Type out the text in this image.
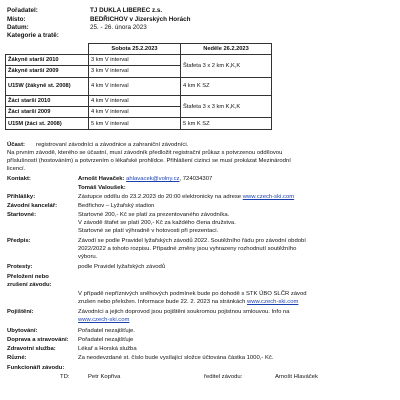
Pořadatel:	TJ DUKLA LIBEREC z.s.
Místo:	BEDŘICHOV v Jizerských Horách
Datum:	25. - 26. února 2023
Kategorie a tratě:
	Sobota 25.2.2023	Neděle 26.2.2023
Žákyně starší 2010	3 km V interval	Štafeta 3 x 2 km K,K,K
Žákyně starší 2009	3 km V interval	
U15W (žákyně st. 2008)	4 km V interval	4 km K SZ
Žáci starší 2010	4 km V interval	Štafeta 3 x 3 km K,K,K
Žáci starší 2009	4 km V interval	
U15M (žáci st. 2008)	5 km V interval	5 km K SZ
Účast: registrovaní závodníci a závodnice a zahraniční závodníci.
Na prvním závodě, kterého se účastní, musí závodník předložit registrační průkaz s potvrzenou oddílovou
příslušností (hostováním) a potvrzením o lékařské prohlídce. Přihlášení cizinci se musí prokázat Mezinárodní
licencí.
Kontakt:	Arnošt Havaček: ahlavacek@volny.cz, 724034307
Tomáš Valoušek:
Přihlášky:	Zástupce oddílu do 23.2.2023 do 20:00 elektronicky na adrese www.czech-ski.com
Závodní kancelář:	Bedřichov – Lyžařský stadion
Startovné:	Startovné 200,- Kč se platí za prezentovaného závodníka.
V závodě štafet se platí 200,- Kč za každého člena družstva.
Startovné se platí výhradně v hotovosti při prezentaci.
Předpis:	Závodí se podle Pravidel lyžařských závodů 2022. Soutěžního řádu pro závodní období
2022/2022 a tohoto rozpisu. Případné změny jsou vyhrazeny rozhodnutí soutěžního
výboru.
Protesty:	podle Pravidel lyžařských závodů
Přeložení nebo
zrušení závodu:
V případě nepříznivých sněhových podmínek bude po dohodě s STK ÚBO SLČR závod
zrušen nebo přeložen. Informace bude 22. 2. 2023 na stránkách www.czech-ski.com
Pojištění:	Závodníci a jejich doprovod jsou pojištěni soukromou pojistnou smlouvou. Info na
www.czech-ski.com
Ubytování:	Pořadatel nezajišťuje.
Doprava a stravování: Pořadatel nezajišťuje
Zdravotní služba:	Lékař a Horská služba
Různé:	Za neodevzdané st. číslo bude vysílající složce účtována částka 1000,- Kč.
Funkcionáři závodu:
TD:	Petr Kopřiva	ředitel závodu:	Arnošt Hlaváček
